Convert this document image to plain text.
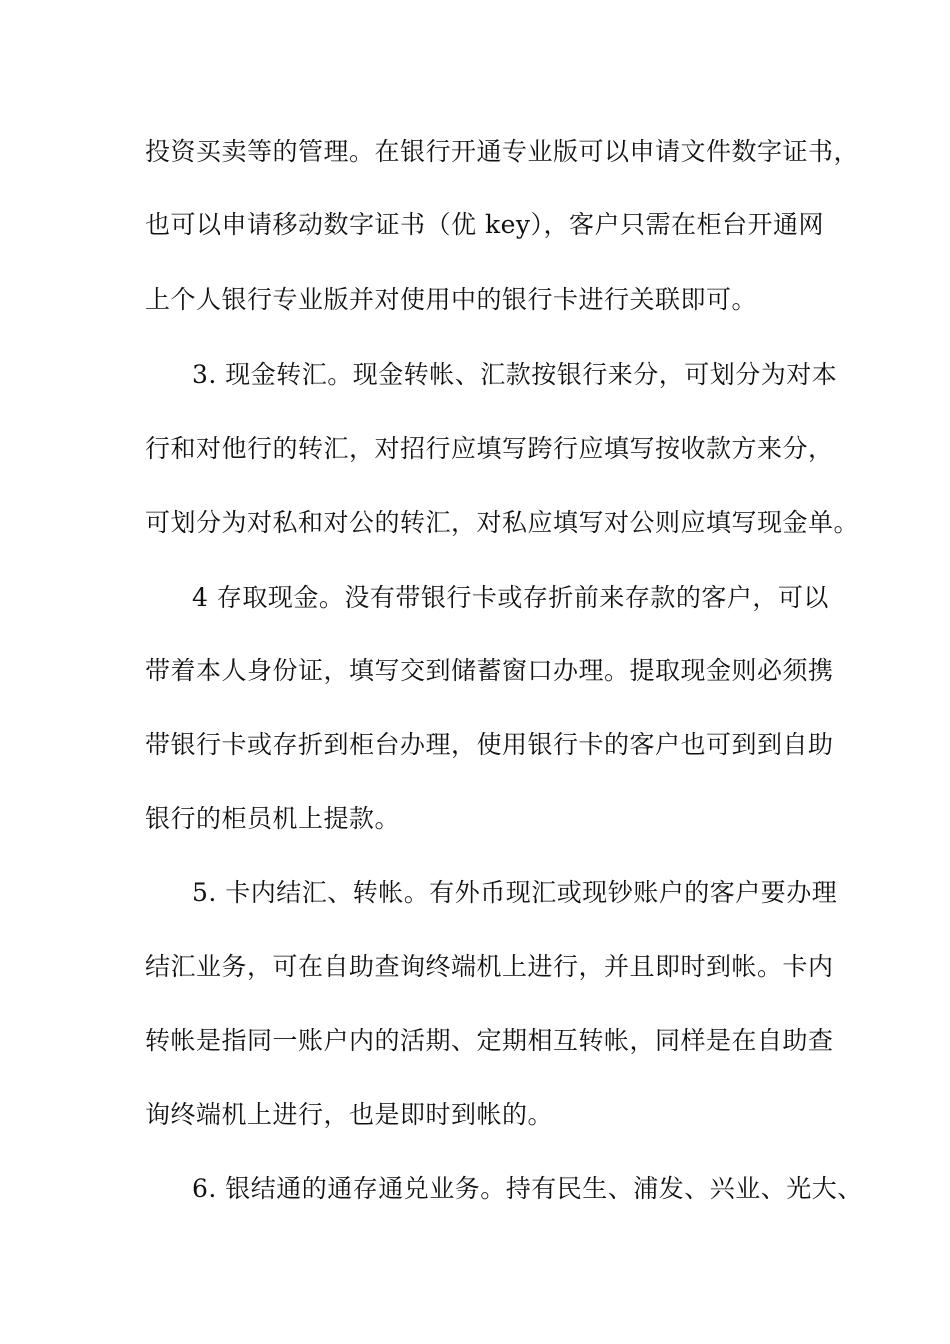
投资买卖等的管理。在银行开通专业版可以申请文件数字证书，
也可以申请移动数字证书（优 key），客户只需在柜台开通网
上个人银行专业版并对使用中的银行卡进行关联即可。
3. 现金转汇。现金转帐、汇款按银行来分，可划分为对本
行和对他行的转汇，对招行应填写跨行应填写按收款方来分，
可划分为对私和对公的转汇，对私应填写对公则应填写现金单。
4 存取现金。没有带银行卡或存折前来存款的客户，可以
带着本人身份证，填写交到储蓄窗口办理。提取现金则必须携
带银行卡或存折到柜台办理，使用银行卡的客户也可到到自助
银行的柜员机上提款。
5. 卡内结汇、转帐。有外币现汇或现钞账户的客户要办理
结汇业务，可在自助查询终端机上进行，并且即时到帐。卡内
转帐是指同一账户内的活期、定期相互转帐，同样是在自助查
询终端机上进行，也是即时到帐的。
6. 银结通的通存通兑业务。持有民生、浦发、兴业、光大、
